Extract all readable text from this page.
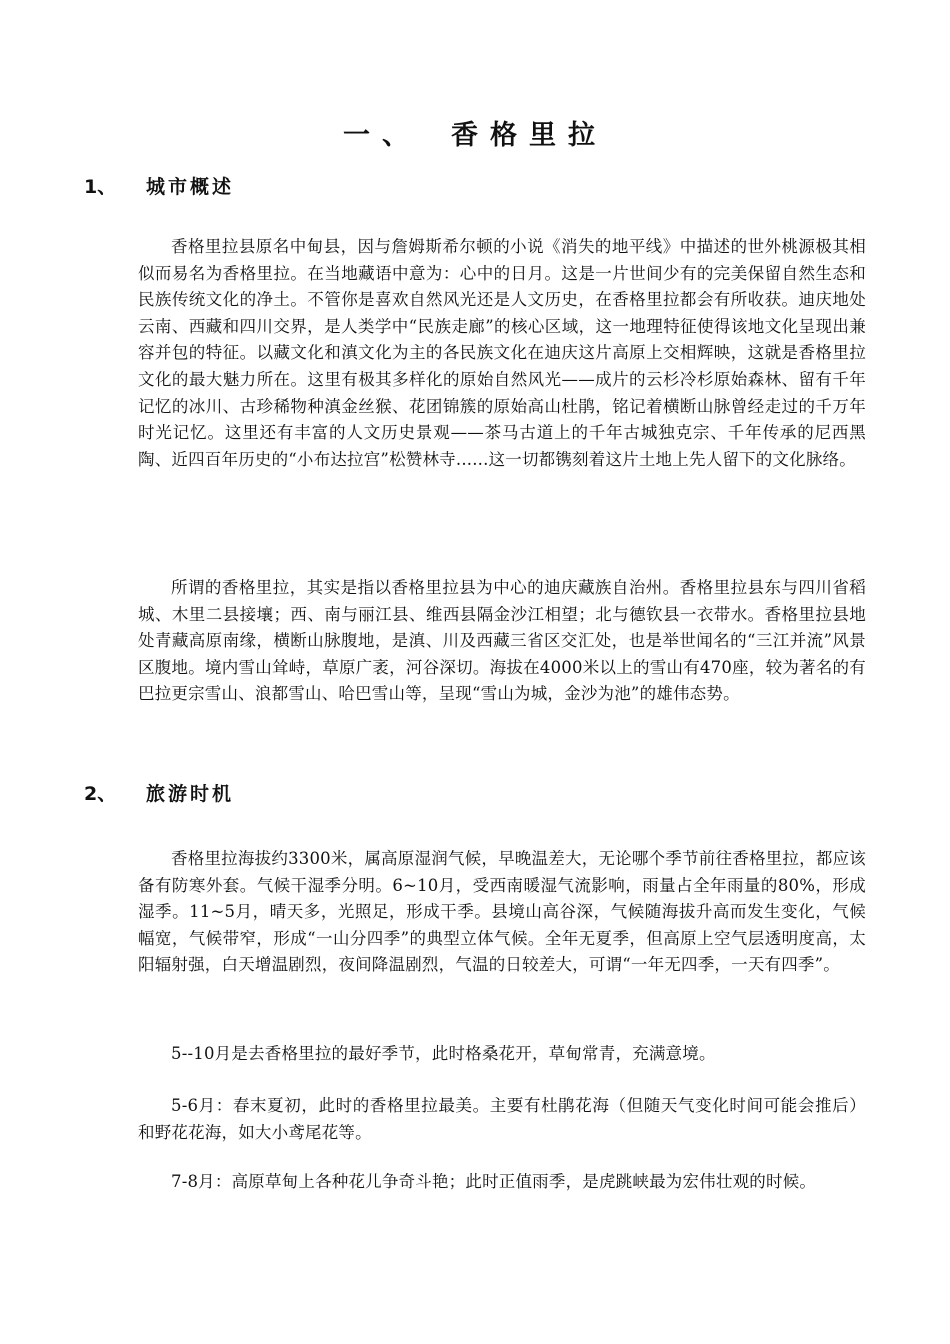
一、 香格里拉
1、 城市概述

香格里拉县原名中甸县，因与詹姆斯希尔顿的小说《消失的地平线》中描述的世外桃源极其相似而易名为香格里拉。在当地藏语中意为：心中的日月。这是一片世间少有的完美保留自然生态和民族传统文化的净土。不管你是喜欢自然风光还是人文历史，在香格里拉都会有所收获。迪庆地处云南、西藏和四川交界，是人类学中“民族走廊”的核心区域，这一地理特征使得该地文化呈现出兼容并包的特征。以藏文化和滇文化为主的各民族文化在迪庆这片高原上交相辉映，这就是香格里拉文化的最大魅力所在。这里有极其多样化的原始自然风光——成片的云杉冷杉原始森林、留有千年记忆的冰川、古珍稀物种滇金丝猴、花团锦簇的原始高山杜鹃，铭记着横断山脉曾经走过的千万年时光记忆。这里还有丰富的人文历史景观——茶马古道上的千年古城独克宗、千年传承的尼西黑陶、近四百年历史的“小布达拉宫”松赞林寺......这一切都镌刻着这片土地上先人留下的文化脉络。

所谓的香格里拉，其实是指以香格里拉县为中心的迪庆藏族自治州。香格里拉县东与四川省稻城、木里二县接壤；西、南与丽江县、维西县隔金沙江相望；北与德钦县一衣带水。香格里拉县地处青藏高原南缘，横断山脉腹地，是滇、川及西藏三省区交汇处，也是举世闻名的“三江并流”风景区腹地。境内雪山耸峙，草原广袤，河谷深切。海拔在4000米以上的雪山有470座，较为著名的有巴拉更宗雪山、浪都雪山、哈巴雪山等，呈现“雪山为城，金沙为池”的雄伟态势。

2、 旅游时机

香格里拉海拔约3300米，属高原湿润气候，早晚温差大，无论哪个季节前往香格里拉，都应该备有防寒外套。气候干湿季分明。6~10月，受西南暖湿气流影响，雨量占全年雨量的80%，形成湿季。11~5月，晴天多，光照足，形成干季。县境山高谷深，气候随海拔升高而发生变化，气候幅宽，气候带窄，形成“一山分四季”的典型立体气候。全年无夏季，但高原上空气层透明度高，太阳辐射强，白天增温剧烈，夜间降温剧烈，气温的日较差大，可谓“一年无四季，一天有四季”。

5--10月是去香格里拉的最好季节，此时格桑花开，草甸常青，充满意境。

5-6月：春末夏初，此时的香格里拉最美。主要有杜鹃花海（但随天气变化时间可能会推后）和野花花海，如大小鸢尾花等。

7-8月：高原草甸上各种花儿争奇斗艳；此时正值雨季，是虎跳峡最为宏伟壮观的时候。
